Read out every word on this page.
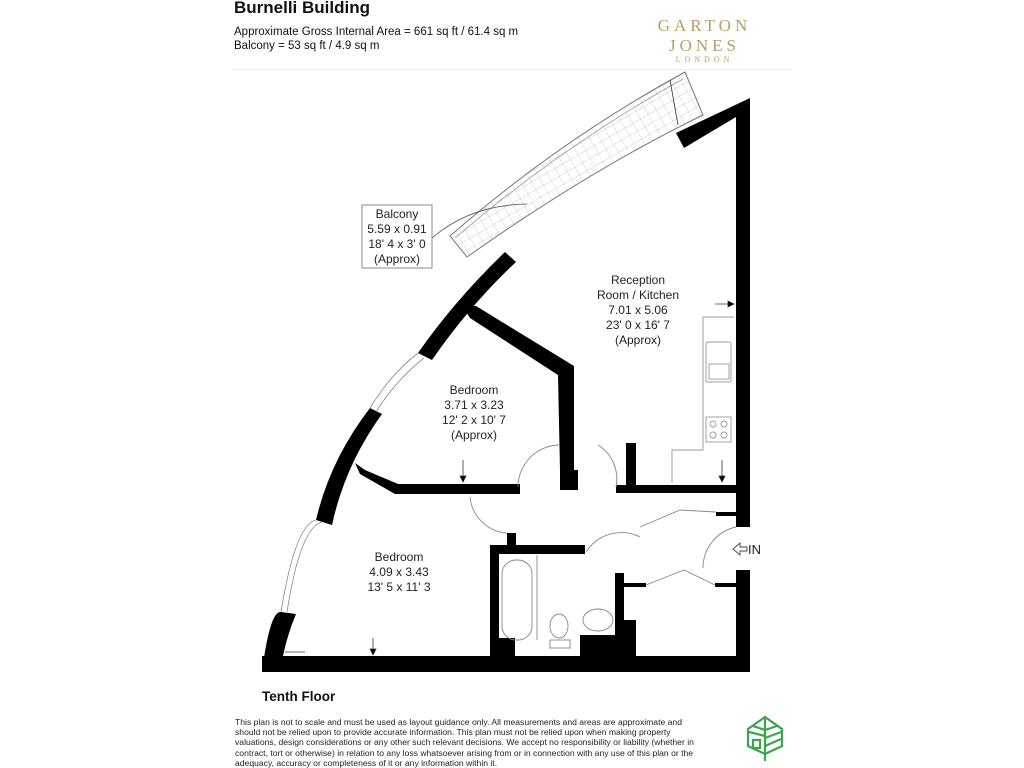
Burnelli Building
Approximate Gross Internal Area = 661 sq ft / 61.4 sq m
Balcony = 53 sq ft / 4.9 sq m
GARTON JONES
LONDON
Balcony
5.59 x 0.91
18' 4 x 3' 0
(Approx)
Reception
Room / Kitchen
7.01 x 5.06
23' 0 x 16' 7
(Approx)
Bedroom
3.71 x 3.23
12' 2 x 10' 7
(Approx)
Bedroom
4.09 x 3.43
13' 5 x 11' 3
IN
Tenth Floor
This plan is not to scale and must be used as layout guidance only. All measurements and areas are approximate and should not be relied upon to provide accurate information. This plan must not be relied upon when making property valuations, design considerations or any other such relevant decisions. We accept no responsibility or liability (whether in contract, tort or otherwise) in relation to any loss whatsoever arising from or in connection with any use of this plan or the adequacy, accuracy or completeness of it or any information within it.
